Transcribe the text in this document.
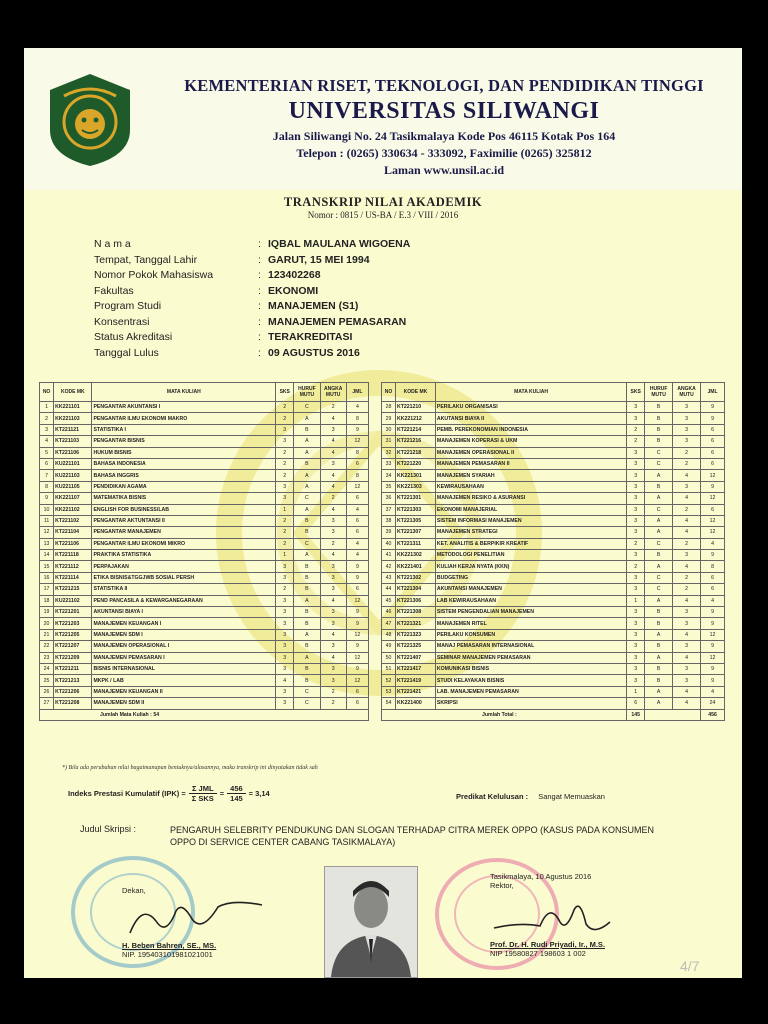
KEMENTERIAN RISET, TEKNOLOGI, DAN PENDIDIKAN TINGGI
UNIVERSITAS SILIWANGI
Jalan Siliwangi No. 24 Tasikmalaya Kode Pos 46115 Kotak Pos 164
Telepon : (0265) 330634 - 333092, Faximilie (0265) 325812
Laman www.unsil.ac.id
TRANSKRIP NILAI AKADEMIK
Nomor : 0815 / US-BA / E.3 / VIII / 2016
N a m a	: IQBAL MAULANA WIGOENA
Tempat, Tanggal Lahir	: GARUT, 15 MEI 1994
Nomor Pokok Mahasiswa	: 123402268
Fakultas	: EKONOMI
Program Studi	: MANAJEMEN (S1)
Konsentrasi	: MANAJEMEN PEMASARAN
Status Akreditasi	: TERAKREDITASI
Tanggal Lulus	: 09 AGUSTUS 2016
NO	KODE MK	MATA KULIAH	SKS	HURUF MUTU	ANGKA MUTU	JML
1	KK221101	PENGANTAR AKUNTANSI I	2	C	2	4
2	KK221103	PENGANTAR ILMU EKONOMI MAKRO	2	A	4	8
3	KT221121	STATISTIKA I	3	B	3	9
4	KT221103	PENGANTAR BISNIS	3	A	4	12
5	KT221106	HUKUM BISNIS	2	A	4	8
6	KU221101	BAHASA INDONESIA	2	B	3	6
7	KU221103	BAHASA INGGRIS	2	A	4	8
8	KU221105	PENDIDIKAN AGAMA	3	A	4	12
9	KK221107	MATEMATIKA BISNIS	3	C	2	6
10	KK221102	ENGLISH FOR BUSINESS/LAB	1	A	4	4
11	KT221102	PENGANTAR AKTUNTANSI II	2	B	3	6
12	KT221104	PENGANTAR MANAJEMEN	2	B	3	6
13	KT221106	PENGANTAR ILMU EKONOMI MIKRO	2	C	2	4
14	KT221118	PRAKTIKA STATISTIKA	1	A	4	4
15	KT221112	PERPAJAKAN	3	B	3	9
16	KT221114	ETIKA BISNIS&TGGJWB SOSIAL PERSH	3	B	3	9
17	KT221215	STATISTIKA II	2	B	3	6
18	KU221102	PEND PANCASILA & KEWARGANEGARAAN	3	A	4	12
19	KT221201	AKUNTANSI BIAYA I	3	B	3	9
20	KT221203	MANAJEMEN KEUANGAN I	3	B	3	9
21	KT221205	MANAJEMEN SDM I	3	A	4	12
22	KT221207	MANAJEMEN OPERASIONAL I	3	B	3	9
23	KT221209	MANAJEMEN PEMASARAN I	3	A	4	12
24	KT221211	BISNIS INTERNASIONAL	3	B	3	9
25	KT221213	MKPK / LAB	4	B	3	12
26	KT221206	MANAJEMEN KEUANGAN II	3	C	2	6
27	KT221208	MANAJEMEN SDM II	3	C	2	6
Jumlah Mata Kuliah : 54						
NO	KODE MK	MATA KULIAH	SKS	HURUF MUTU	ANGKA MUTU	JML
28	KT221210	PERILAKU ORGANISASI	3	B	3	9
29	KK221212	AKUTANSI BIAYA II	3	B	3	9
30	KT221214	PEMB. PEREKONOMIAN INDONESIA	2	B	3	6
31	KT221216	MANAJEMEN KOPERASI & UKM	2	B	3	6
32	KT221218	MANAJEMEN OPERASIONAL II	3	C	2	6
33	KT221220	MANAJEMEN PEMASARAN II	3	C	2	6
34	KK221301	MANAJEMEN SYARIAH	3	A	4	12
35	KK221303	KEWIRAUSAHAAN	3	B	3	9
36	KT221301	MANAJEMEN RESIKO & ASURANSI	3	A	4	12
37	KT221303	EKONOMI MANAJERIAL	3	C	2	6
38	KT221305	SISTEM INFORMASI MANAJEMEN	3	A	4	12
39	KT221307	MANAJEMEN STRATEGI	3	A	4	12
40	KT221311	KET. ANALITIS & BERPIKIR KREATIF	2	C	2	4
41	KK221302	METODOLOGI PENELITIAN	3	B	3	9
42	KK221401	KULIAH KERJA NYATA (KKN)	2	A	4	8
43	KT221302	BUDGETING	3	C	2	6
44	KT221304	AKUNTANSI MANAJEMEN	3	C	2	6
45	KT221306	LAB KEWIRAUSAHAAN	1	A	4	4
46	KT221308	SISTEM PENGENDALIAN MANAJEMEN	3	B	3	9
47	KT221321	MANAJEMEN RITEL	3	B	3	9
48	KT221323	PERILAKU KONSUMEN	3	A	4	12
49	KT221325	MANAJ PEMASARAN INTERNASIONAL	3	B	3	9
50	KT221407	SEMINAR MANAJEMEN PEMASARAN	3	A	4	12
51	KT221417	KOMUNIKASI BISNIS	3	B	3	9
52	KT221419	STUDI KELAYAKAN BISNIS	3	B	3	9
53	KT221421	LAB. MANAJEMEN PEMASARAN	1	A	4	4
54	KK221400	SKRIPSI	6	A	4	24
Jumlah Total :			145			456
*) Bila ada perubahan nilai bagaimanapun bentuknya/alasannya, maka transkrip ini dinyatakan tidak sah
Indeks Prestasi Kumulatif $(IPK) = \frac{\text{Σ JML}}{\text{Σ SKS}} = \frac{456}{145} = 3,14$	Predikat Kelulusan : Sangat Memuaskan
Judul Skripsi :	PENGARUH SELEBRITY PENDUKUNG DAN SLOGAN TERHADAP CITRA MEREK OPPO (KASUS PADA KONSUMEN OPPO DI SERVICE CENTER CABANG TASIKMALAYA)
Dekan,
H. Beben Bahren, SE., MS.
NIP. 195403101981021001
Tasikmalaya, 10 Agustus 2016
Rektor,
Prof. Dr. H. Rudi Priyadi, Ir., M.S.
NIP 19580827 198603 1 002
4/7
